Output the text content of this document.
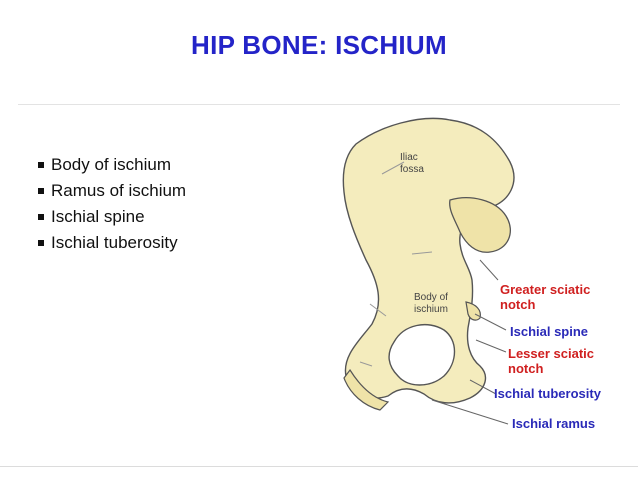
HIP BONE: ISCHIUM
Body of ischium
Ramus of ischium
Ischial spine
Ischial tuberosity
Iliac
fossa
Body of
ischium
Greater sciatic
notch
Ischial spine
Lesser sciatic
notch
Ischial tuberosity
Ischial ramus
